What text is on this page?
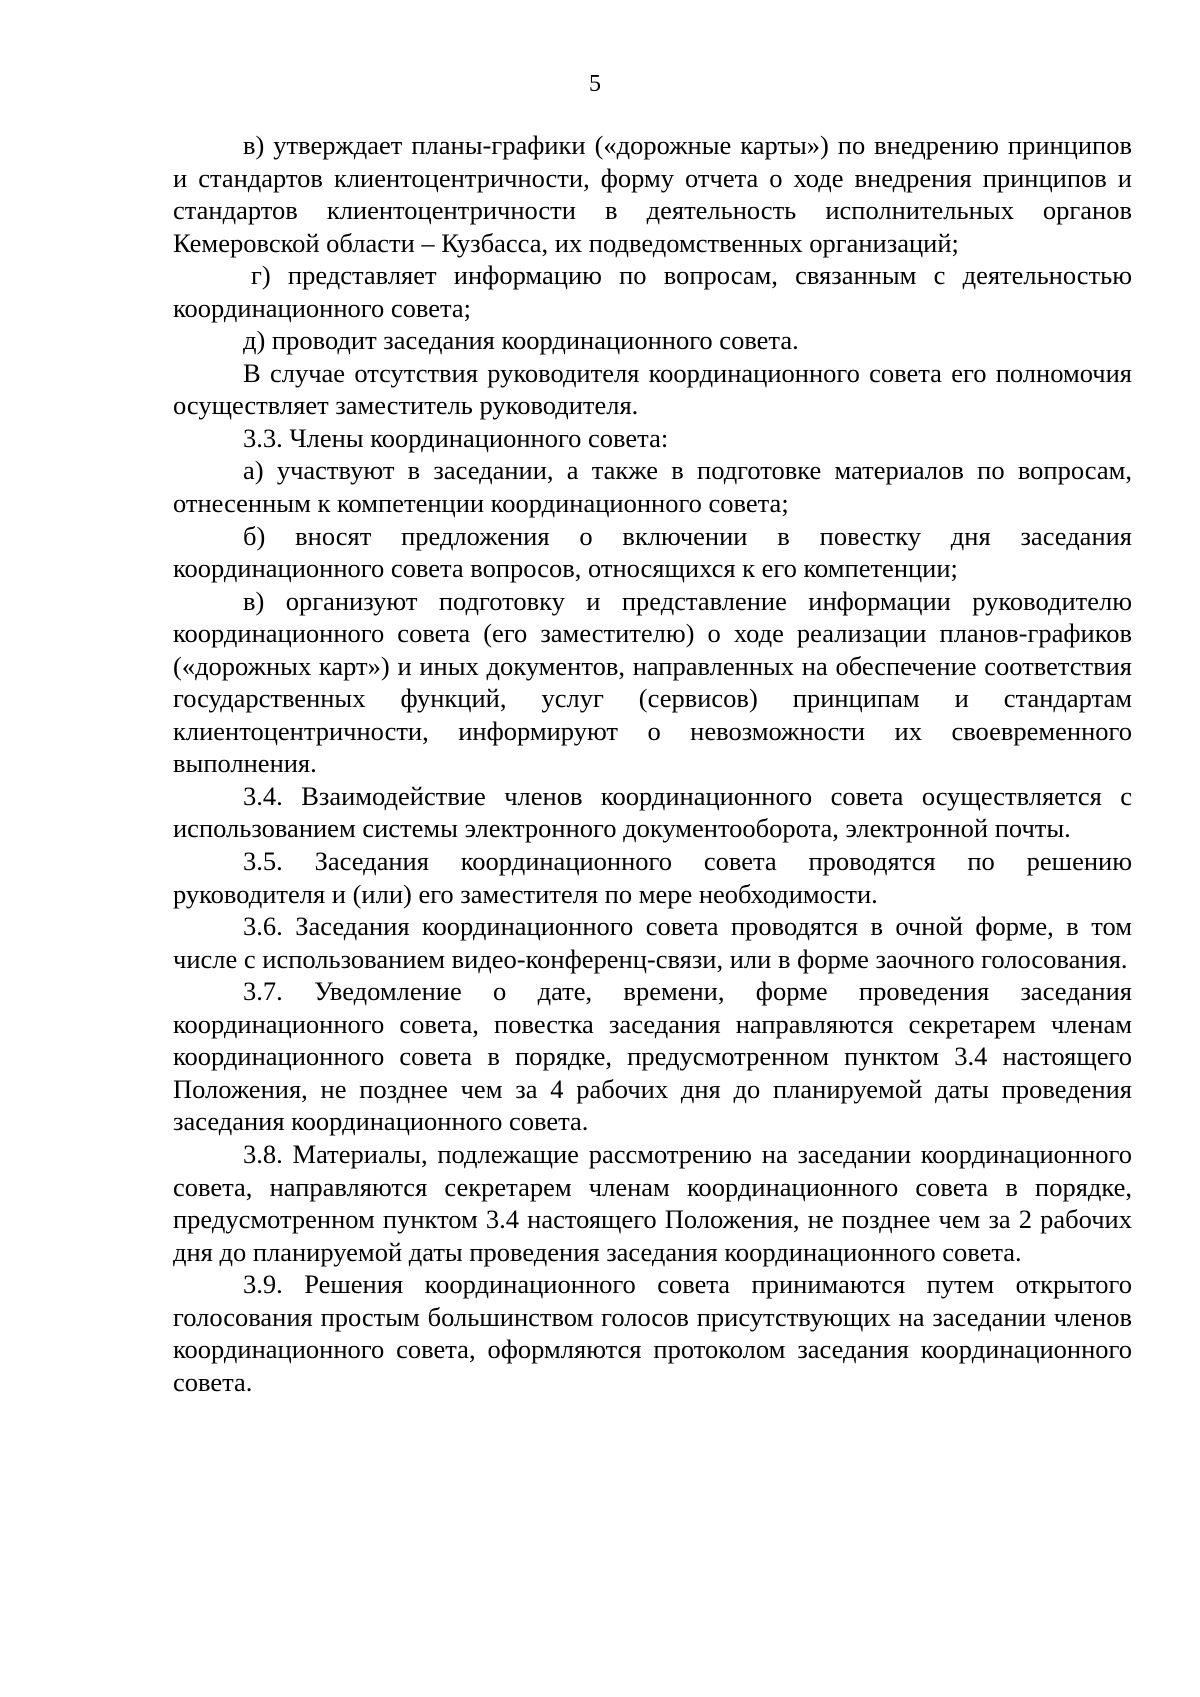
5

в) утверждает планы-графики («дорожные карты») по внедрению принципов и стандартов клиентоцентричности, форму отчета о ходе внедрения принципов и стандартов клиентоцентричности в деятельность исполнительных органов Кемеровской области – Кузбасса, их подведомственных организаций;

г) представляет информацию по вопросам, связанным с деятельностью координационного совета;

д) проводит заседания координационного совета.

В случае отсутствия руководителя координационного совета его полномочия осуществляет заместитель руководителя.

3.3. Члены координационного совета:

а) участвуют в заседании, а также в подготовке материалов по вопросам, отнесенным к компетенции координационного совета;

б) вносят предложения о включении в повестку дня заседания координационного совета вопросов, относящихся к его компетенции;

в) организуют подготовку и представление информации руководителю координационного совета (его заместителю) о ходе реализации планов-графиков («дорожных карт») и иных документов, направленных на обеспечение соответствия государственных функций, услуг (сервисов) принципам и стандартам клиентоцентричности, информируют о невозможности их своевременного выполнения.

3.4. Взаимодействие членов координационного совета осуществляется с использованием системы электронного документооборота, электронной почты.

3.5. Заседания координационного совета проводятся по решению руководителя и (или) его заместителя по мере необходимости.

3.6. Заседания координационного совета проводятся в очной форме, в том числе с использованием видео-конференц-связи, или в форме заочного голосования.

3.7. Уведомление о дате, времени, форме проведения заседания координационного совета, повестка заседания направляются секретарем членам координационного совета в порядке, предусмотренном пунктом 3.4 настоящего Положения, не позднее чем за 4 рабочих дня до планируемой даты проведения заседания координационного совета.

3.8. Материалы, подлежащие рассмотрению на заседании координационного совета, направляются секретарем членам координационного совета в порядке, предусмотренном пунктом 3.4 настоящего Положения, не позднее чем за 2 рабочих дня до планируемой даты проведения заседания координационного совета.

3.9. Решения координационного совета принимаются путем открытого голосования простым большинством голосов присутствующих на заседании членов координационного совета, оформляются протоколом заседания координационного совета.
